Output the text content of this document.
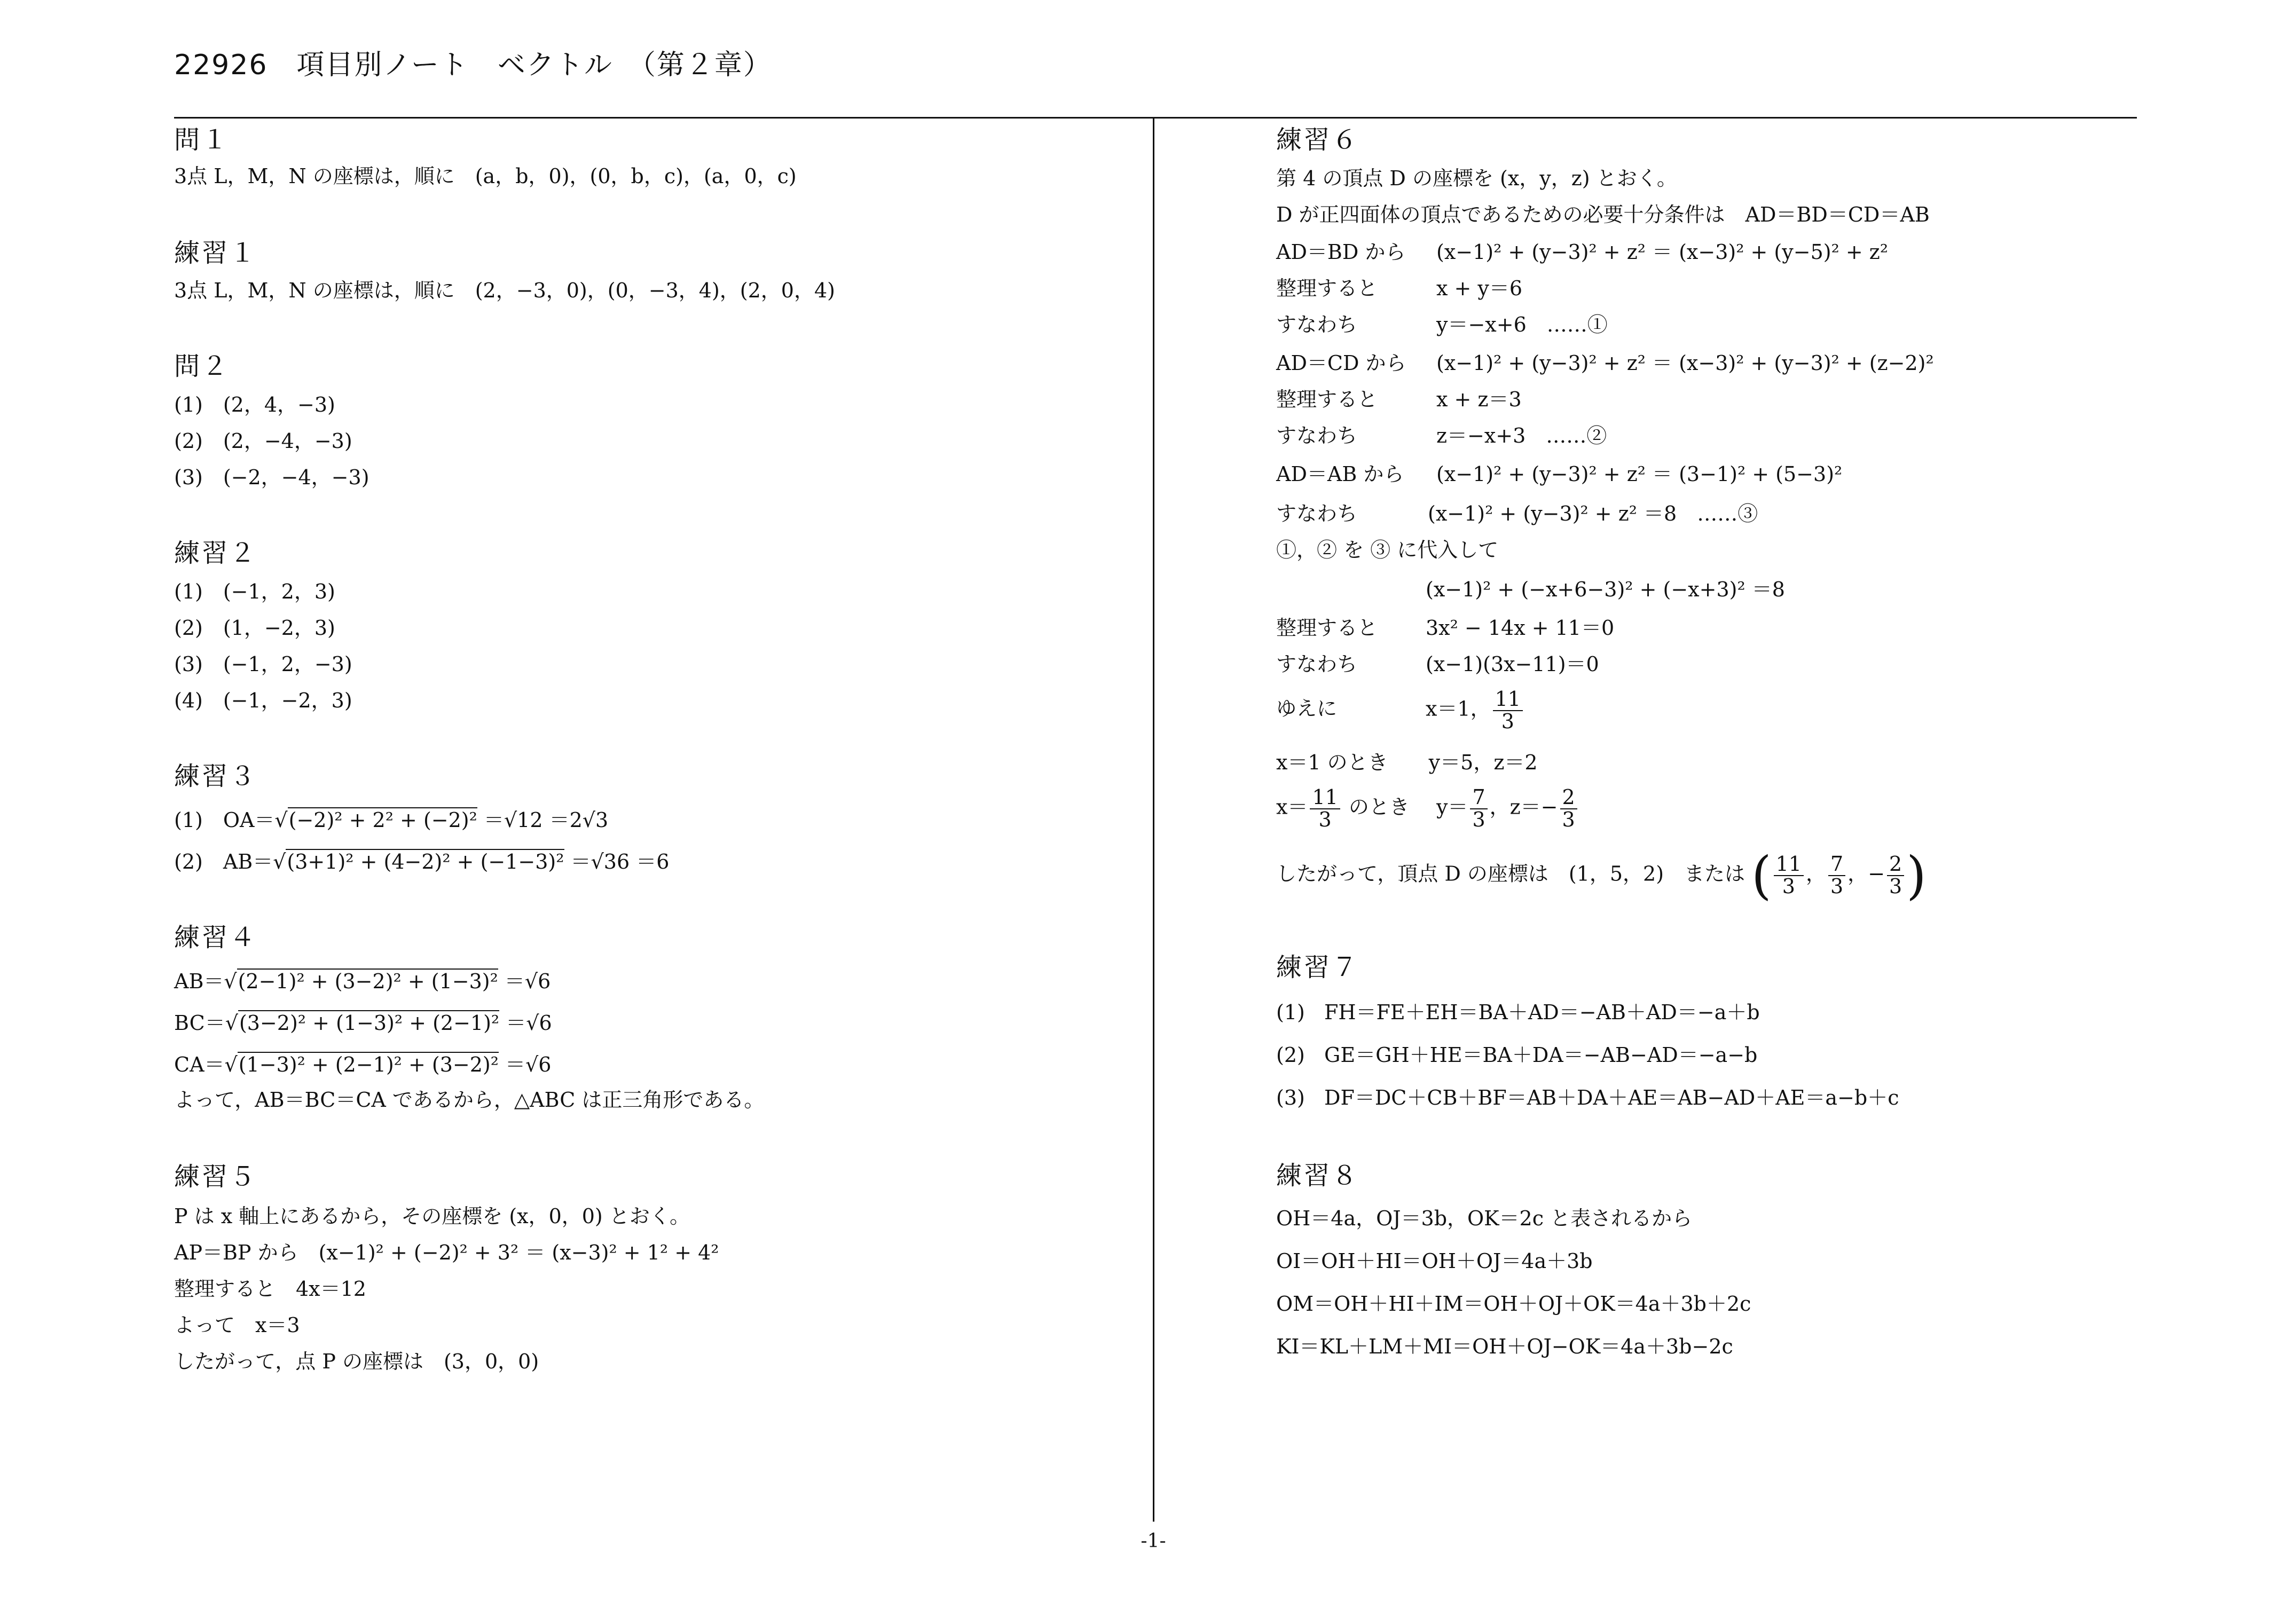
22926　項目別ノート　ベクトル　（第２章）
問１
3点 L，M，N の座標は，順に　(a，b，0)，(0，b，c)，(a，0，c)
練習１
3点 L，M，N の座標は，順に　(2，−3，0)，(0，−3，4)，(2，0，4)
問２
(1)　(2，4，−3)
(2)　(2，−4，−3)
(3)　(−2，−4，−3)
練習２
(1)　(−1，2，3)
(2)　(1，−2，3)
(3)　(−1，2，−3)
(4)　(−1，−2，3)
練習３
(1)　OA＝√(−2)² + 2² + (−2)² ＝√12 ＝2√3
(2)　AB＝√(3+1)² + (4−2)² + (−1−3)² ＝√36 ＝6
練習４
AB＝√(2−1)² + (3−2)² + (1−3)² ＝√6
BC＝√(3−2)² + (1−3)² + (2−1)² ＝√6
CA＝√(1−3)² + (2−1)² + (3−2)² ＝√6
よって，AB＝BC＝CA であるから，△ABC は正三角形である。
練習５
P は x 軸上にあるから，その座標を (x，0，0) とおく。
AP＝BP から　(x−1)² + (−2)² + 3² ＝ (x−3)² + 1² + 4²
整理すると　4x＝12
よって　x＝3
したがって，点 P の座標は　(3，0，0)
練習６
第 4 の頂点 D の座標を (x，y，z) とおく。
D が正四面体の頂点であるための必要十分条件は　AD＝BD＝CD＝AB
AD＝BD から (x−1)² + (y−3)² + z² ＝ (x−3)² + (y−5)² + z²
整理すると	x + y＝6
すなわち	y＝−x+6　……①
AD＝CD から (x−1)² + (y−3)² + z² ＝ (x−3)² + (y−3)² + (z−2)²
整理すると	x + z＝3
すなわち	z＝−x+3　……②
AD＝AB から (x−1)² + (y−3)² + z² ＝ (3−1)² + (5−3)²
すなわち	(x−1)² + (y−3)² + z² ＝8　……③
①，② を ③ に代入して
(x−1)² + (−x+6−3)² + (−x+3)² ＝8
整理すると 3x² − 14x + 11＝0
すなわち	(x−1)(3x−11)＝0
ゆえに	x＝1， $\frac{11}{3}$
x＝1 のとき　　y＝5，z＝2
$x= \frac{11}{3}$ のとき　 $y= \frac{7}{3}$ ，$z=- \frac{2}{3}$
したがって，頂点 D の座標は　(1，5，2)　または ( $\frac{11}{3}$ ， $\frac{7}{3}$ ，− $\frac{2}{3}$ )
練習７
(1) FH＝FE＋EH＝BA＋AD＝−AB＋AD＝−a＋b
(2) GE＝GH＋HE＝BA＋DA＝−AB−AD＝−a−b
(3) DF＝DC＋CB＋BF＝AB＋DA＋AE＝AB−AD＋AE＝a−b＋c
練習８
OH＝4a，OJ＝3b，OK＝2c と表されるから
OI＝OH＋HI＝OH＋OJ＝4a＋3b
OM＝OH＋HI＋IM＝OH＋OJ＋OK＝4a＋3b＋2c
KI＝KL＋LM＋MI＝OH＋OJ−OK＝4a＋3b−2c
-1-
